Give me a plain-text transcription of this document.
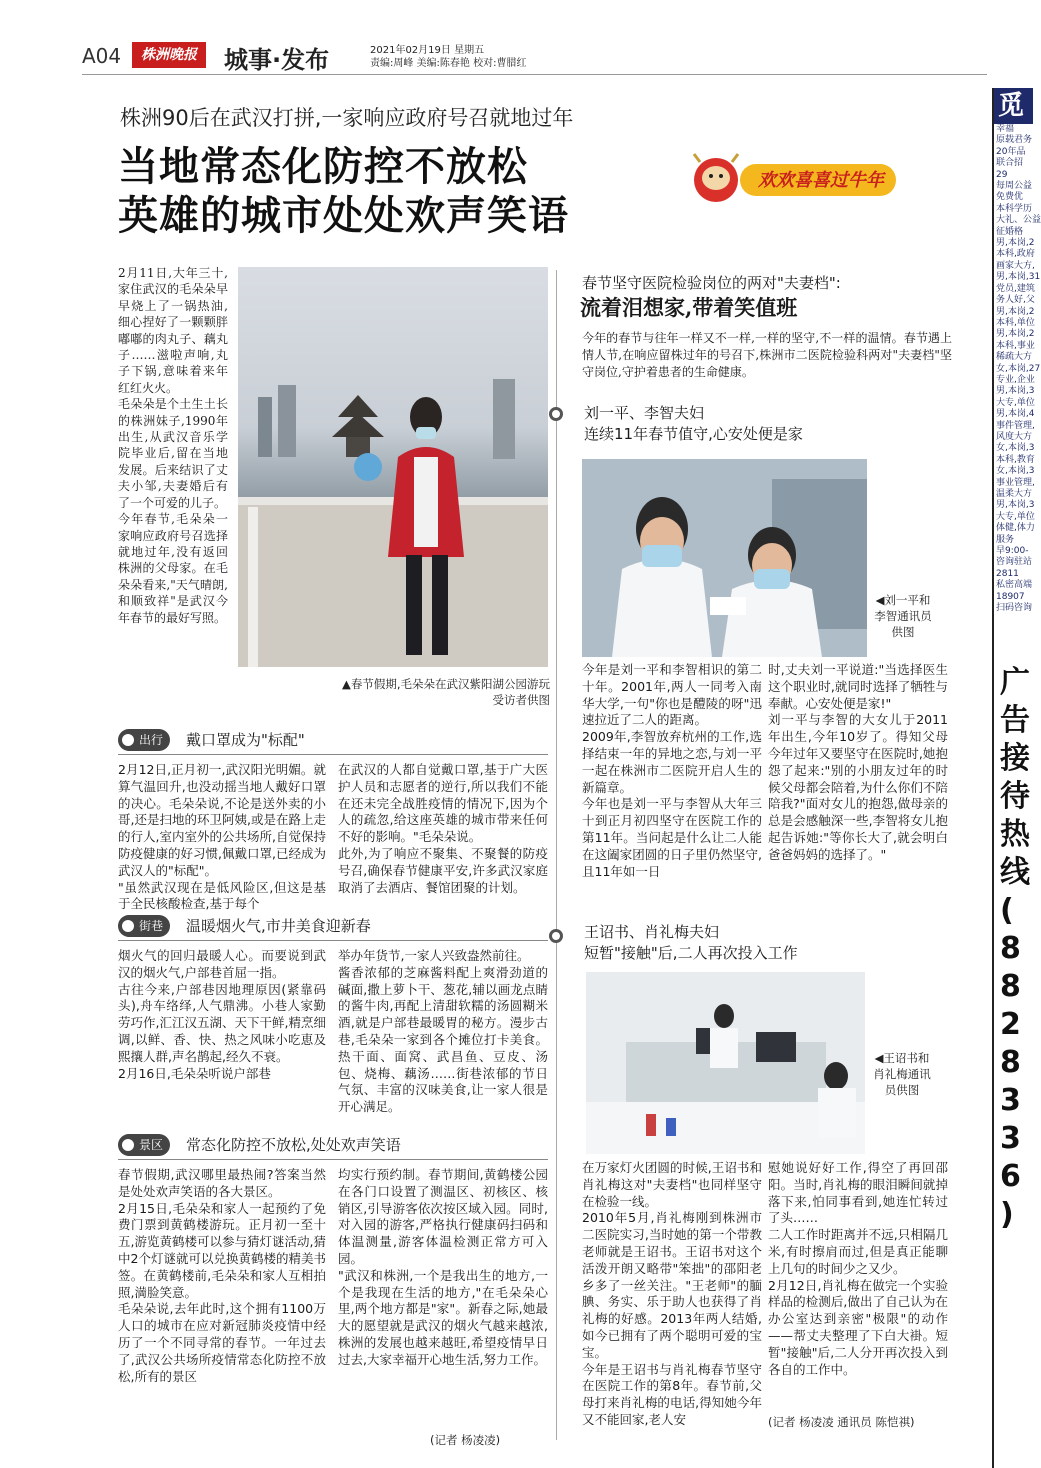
A04	株洲晚报	城事·发布	2021年02月19日 星期五
责编:周峰 美编:陈春艳 校对:曹腊红
株洲90后在武汉打拼,一家响应政府号召就地过年
当地常态化防控不放松
英雄的城市处处欢声笑语
欢欢喜喜过牛年
2月11日,大年三十,家住武汉的毛朵朵早早烧上了一锅热油,细心捏好了一颗颗胖嘟嘟的肉丸子、藕丸子……滋啦声响,丸子下锅,意味着来年红红火火。
毛朵朵是个土生土长的株洲妹子,1990年出生,从武汉音乐学院毕业后,留在当地发展。后来结识了丈夫小邹,夫妻婚后有了一个可爱的儿子。
今年春节,毛朵朵一家响应政府号召选择就地过年,没有返回株洲的父母家。在毛朵朵看来,"天气晴朗,和顺致祥"是武汉今年春节的最好写照。
▲春节假期,毛朵朵在武汉紫阳湖公园游玩
受访者供图
出行	戴口罩成为"标配"
2月12日,正月初一,武汉阳光明媚。就算气温回升,也没动摇当地人戴好口罩的决心。毛朵朵说,不论是送外卖的小哥,还是扫地的环卫阿姨,或是在路上走的行人,室内室外的公共场所,自觉保持防疫健康的好习惯,佩戴口罩,已经成为武汉人的"标配"。
"虽然武汉现在是低风险区,但这是基于全民核酸检查,基于每个
在武汉的人都自觉戴口罩,基于广大医护人员和志愿者的逆行,所以我们不能在还未完全战胜疫情的情况下,因为个人的疏忽,给这座英雄的城市带来任何不好的影响。"毛朵朵说。
此外,为了响应不聚集、不聚餐的防疫号召,确保春节健康平安,许多武汉家庭取消了去酒店、餐馆团聚的计划。
街巷	温暖烟火气,市井美食迎新春
烟火气的回归最暖人心。而要说到武汉的烟火气,户部巷首屈一指。
古往今来,户部巷因地理原因(紧靠码头),舟车络绎,人气鼎沸。小巷人家勤劳巧作,汇江汉五湖、天下干鲜,精烹细调,以鲜、香、快、热之风味小吃恵及熙攘人群,声名鹊起,经久不衰。
2月16日,毛朵朵听说户部巷
举办年货节,一家人兴致盎然前往。
酱香浓郁的芝麻酱料配上爽滑劲道的碱面,撒上萝卜干、葱花,辅以画龙点睛的酱牛肉,再配上清甜软糯的汤圆糊米酒,就是户部巷最暖胃的秘方。漫步古巷,毛朵朵一家到各个摊位打卡美食。热干面、面窝、武昌鱼、豆皮、汤包、烧梅、藕汤……街巷浓郁的节日气氛、丰富的汉味美食,让一家人很是开心满足。
景区	常态化防控不放松,处处欢声笑语
春节假期,武汉哪里最热闹?答案当然是处处欢声笑语的各大景区。
2月15日,毛朵朵和家人一起预约了免费门票到黄鹤楼游玩。正月初一至十五,游览黄鹤楼可以参与猜灯谜活动,猜中2个灯谜就可以兑换黄鹤楼的精美书签。在黄鹤楼前,毛朵朵和家人互相拍照,満脸笑意。
毛朵朵说,去年此时,这个拥有1100万人口的城市在应对新冠肺炎疫情中经历了一个不同寻常的春节。一年过去了,武汉公共场所疫情常态化防控不放松,所有的景区
均实行预约制。春节期间,黄鹤楼公园在各门口设置了测温区、初核区、核销区,引导游客依次按区域入园。同时,对入园的游客,严格执行健康码扫码和体温测量,游客体温检测正常方可入园。
"武汉和株洲,一个是我出生的地方,一个是我现在生活的地方,"在毛朵朵心里,两个地方都是"家"。新春之际,她最大的愿望就是武汉的烟火气越来越浓,株洲的发展也越来越旺,希望疫情早日过去,大家幸福开心地生活,努力工作。
(记者 杨凌凌)
春节坚守医院检验岗位的两对"夫妻档":
流着泪想家,带着笑值班
今年的春节与往年一样又不一样,一样的坚守,不一样的温情。春节遇上情人节,在响应留株过年的号召下,株洲市二医院检验科两对"夫妻档"坚守岗位,守护着患者的生命健康。
刘一平、李智夫妇
连续11年春节值守,心安处便是家
◀刘一平和李智通讯员供图
今年是刘一平和李智相识的第二十年。2001年,两人一同考入南华大学,一句"你也是醴陵的呀"迅速拉近了二人的距离。
2009年,李智放弃杭州的工作,选择结束一年的异地之恋,与刘一平一起在株洲市二医院开启人生的新篇章。
今年也是刘一平与李智从大年三十到正月初四坚守在医院工作的第11年。当问起是什么让二人能在这阖家团圆的日子里仍然坚守,且11年如一日
时,丈夫刘一平说道:"当选择医生这个职业时,就同时选择了牺牲与奉献。心安处便是家!"
刘一平与李智的大女儿于2011年出生,今年10岁了。得知父母今年过年又要坚守在医院时,她抱怨了起来:"别的小朋友过年的时候父母都会陪着,为什么你们不陪陪我?"面对女儿的抱怨,做母亲的总是会感触深一些,李智将女儿抱起告诉她:"等你长大了,就会明白爸爸妈妈的选择了。"
王诏书、肖礼梅夫妇
短暂"接触"后,二人再次投入工作
◀王诏书和肖礼梅通讯员供图
在万家灯火团圆的时候,王诏书和肖礼梅这对"夫妻档"也同样坚守在检验一线。
2010年5月,肖礼梅刚到株洲市二医院实习,当时她的第一个带教老师就是王诏书。王诏书对这个活泼开朗又略带"笨拙"的邵阳老乡多了一丝关注。"王老师"的腼腆、务实、乐于助人也获得了肖礼梅的好感。2013年两人结婚,如今已拥有了两个聪明可爱的宝宝。
今年是王诏书与肖礼梅春节坚守在医院工作的第8年。春节前,父母打来肖礼梅的电话,得知她今年又不能回家,老人安
慰她说好好工作,得空了再回邵阳。当时,肖礼梅的眼泪瞬间就掉落下来,怕同事看到,她连忙转过了头……
二人工作时距离并不远,只相隔几米,有时擦肩而过,但是真正能聊上几句的时间少之又少。
2月12日,肖礼梅在做完一个实验样品的检测后,做出了自己认为在办公室达到亲密"极限"的动作——帮丈夫整理了下白大褂。短暂"接触"后,二人分开再次投入到各自的工作中。
(记者 杨凌凌 通讯员 陈恺祺)
觅
幸福
原载君务
20年品
联合招
29
每周公益
免费优
本科学历
大礼、公益
征婚格
男,本岗,2
本科,政府
画家大方,
男,本岗,31
党员,建筑
务人好,父
男,本岗,2
本科,单位
男,本岗,2
本科,事业
稀疏大方
女,本岗,27
专业,企业
男,本岗,3
大专,单位
男,本岗,4
事件管理,
风度大方
女,本岗,3
本科,教育
女,本岗,3
事业管理,
温柔大方
男,本岗,3
大专,单位
体健,体力
服务
早9:00-
咨询驻站
2811
私密高端
18907
扫码咨询
广
告
接
待
热
线
(
8
8
2
8
3
3
6
)
